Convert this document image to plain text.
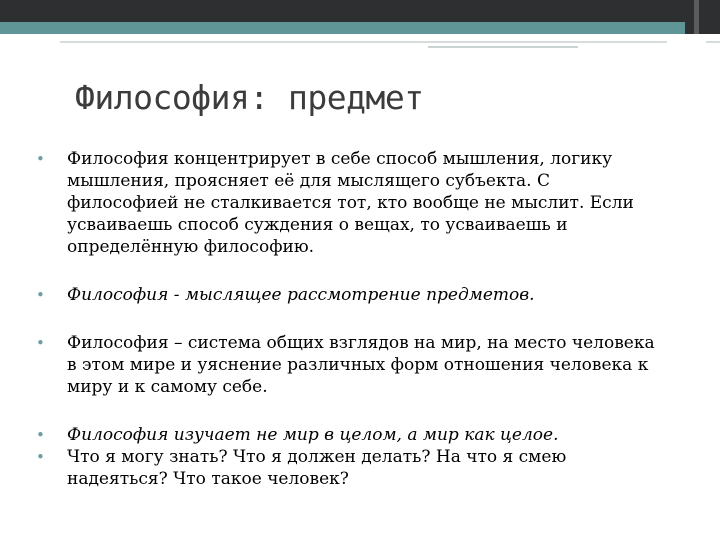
Философия: предмет
• Философия концентрирует в себе способ мышления, логику мышления, проясняет её для мыслящего субъекта. С философией не сталкивается тот, кто вообще не мыслит. Если усваиваешь способ суждения о вещах, то усваиваешь и определённую философию.
• Философия - мыслящее рассмотрение предметов.
• Философия – система общих взглядов на мир, на место человека в этом мире и уяснение различных форм отношения человека к миру и к самому себе.
• Философия изучает не мир в целом, а мир как целое.
• Что я могу знать? Что я должен делать? На что я смею надеяться? Что такое человек?
